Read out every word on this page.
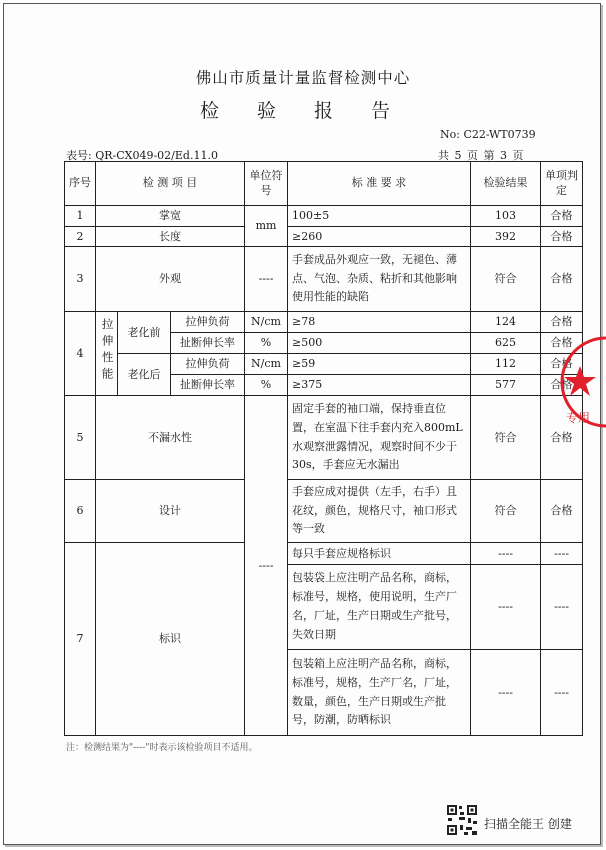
佛山市质量计量监督检测中心
检 验 报 告
No: C22-WT0739
表号: QR-CX049-02/Ed.11.0	共 5 页 第 3 页
序号	检 测 项 目			单位符号	标 准 要 求	检验结果	单项判定
1	掌宽			mm	100±5	103	合格
2	长度				≥260	392	合格
3	外观			----	手套成品外观应一致，无褪色、薄点、气泡、杂质、粘折和其他影响使用性能的缺陷	符合	合格
4	拉伸性能	老化前	拉伸负荷	N/cm	≥78	124	合格
			扯断伸长率	%	≥500	625	合格
		老化后	拉伸负荷	N/cm	≥59	112	合格
			扯断伸长率	%	≥375	577	合格
5	不漏水性			----	固定手套的袖口端，保持垂直位置，在室温下往手套内充入800mL水观察泄露情况，观察时间不少于30s，手套应无水漏出	符合	合格
6	设计				手套应成对提供（左手，右手）且花纹，颜色，规格尺寸，袖口形式等一致	符合	合格
7	标识				每只手套应规格标识	----	----
					包装袋上应注明产品名称，商标，标准号，规格，使用说明，生产厂名，厂址，生产日期或生产批号，失效日期	----	----
					包装箱上应注明产品名称，商标，标准号，规格，生产厂名，厂址，数量，颜色，生产日期或生产批号，防潮，防晒标识	----	----
注：检测结果为"----"时表示该检验项目不适用。
专用
扫描全能王 创建
